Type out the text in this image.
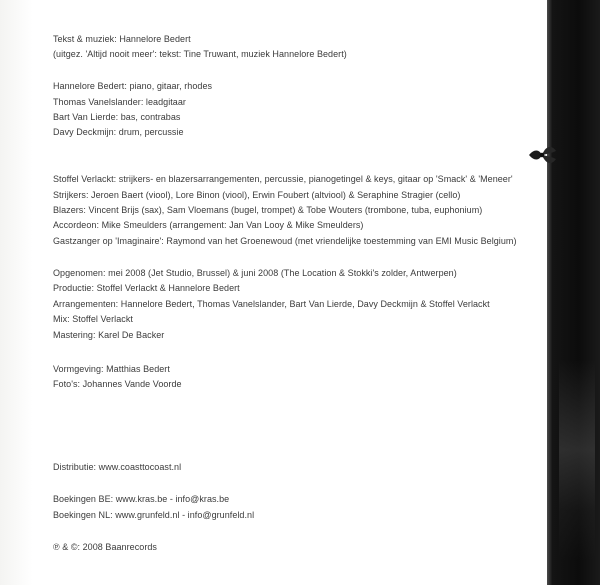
Tekst & muziek: Hannelore Bedert
(uitgez. 'Altijd nooit meer': tekst: Tine Truwant, muziek Hannelore Bedert)
Hannelore Bedert: piano, gitaar, rhodes
Thomas Vanelslander: leadgitaar
Bart Van Lierde: bas, contrabas
Davy Deckmijn: drum, percussie
Stoffel Verlackt: strijkers- en blazersarrangementen, percussie, pianogetingel & keys, gitaar op 'Smack' & 'Meneer'
Strijkers: Jeroen Baert (viool), Lore Binon (viool), Erwin Foubert (altviool) & Seraphine Stragier (cello)
Blazers: Vincent Brijs (sax), Sam Vloemans (bugel, trompet) & Tobe Wouters (trombone, tuba, euphonium)
Accordeon: Mike Smeulders (arrangement: Jan Van Looy & Mike Smeulders)
Gastzanger op 'Imaginaire': Raymond van het Groenewoud (met vriendelijke toestemming van EMI Music Belgium)
Opgenomen: mei 2008 (Jet Studio, Brussel) & juni 2008 (The Location & Stokki's zolder, Antwerpen)
Productie: Stoffel Verlackt & Hannelore Bedert
Arrangementen: Hannelore Bedert, Thomas Vanelslander, Bart Van Lierde, Davy Deckmijn & Stoffel Verlackt
Mix: Stoffel Verlackt
Mastering: Karel De Backer
Vormgeving: Matthias Bedert
Foto's: Johannes Vande Voorde
Distributie: www.coasttocoast.nl
Boekingen BE: www.kras.be - info@kras.be
Boekingen NL: www.grunfeld.nl - info@grunfeld.nl
℗ & ©: 2008 Baanrecords
